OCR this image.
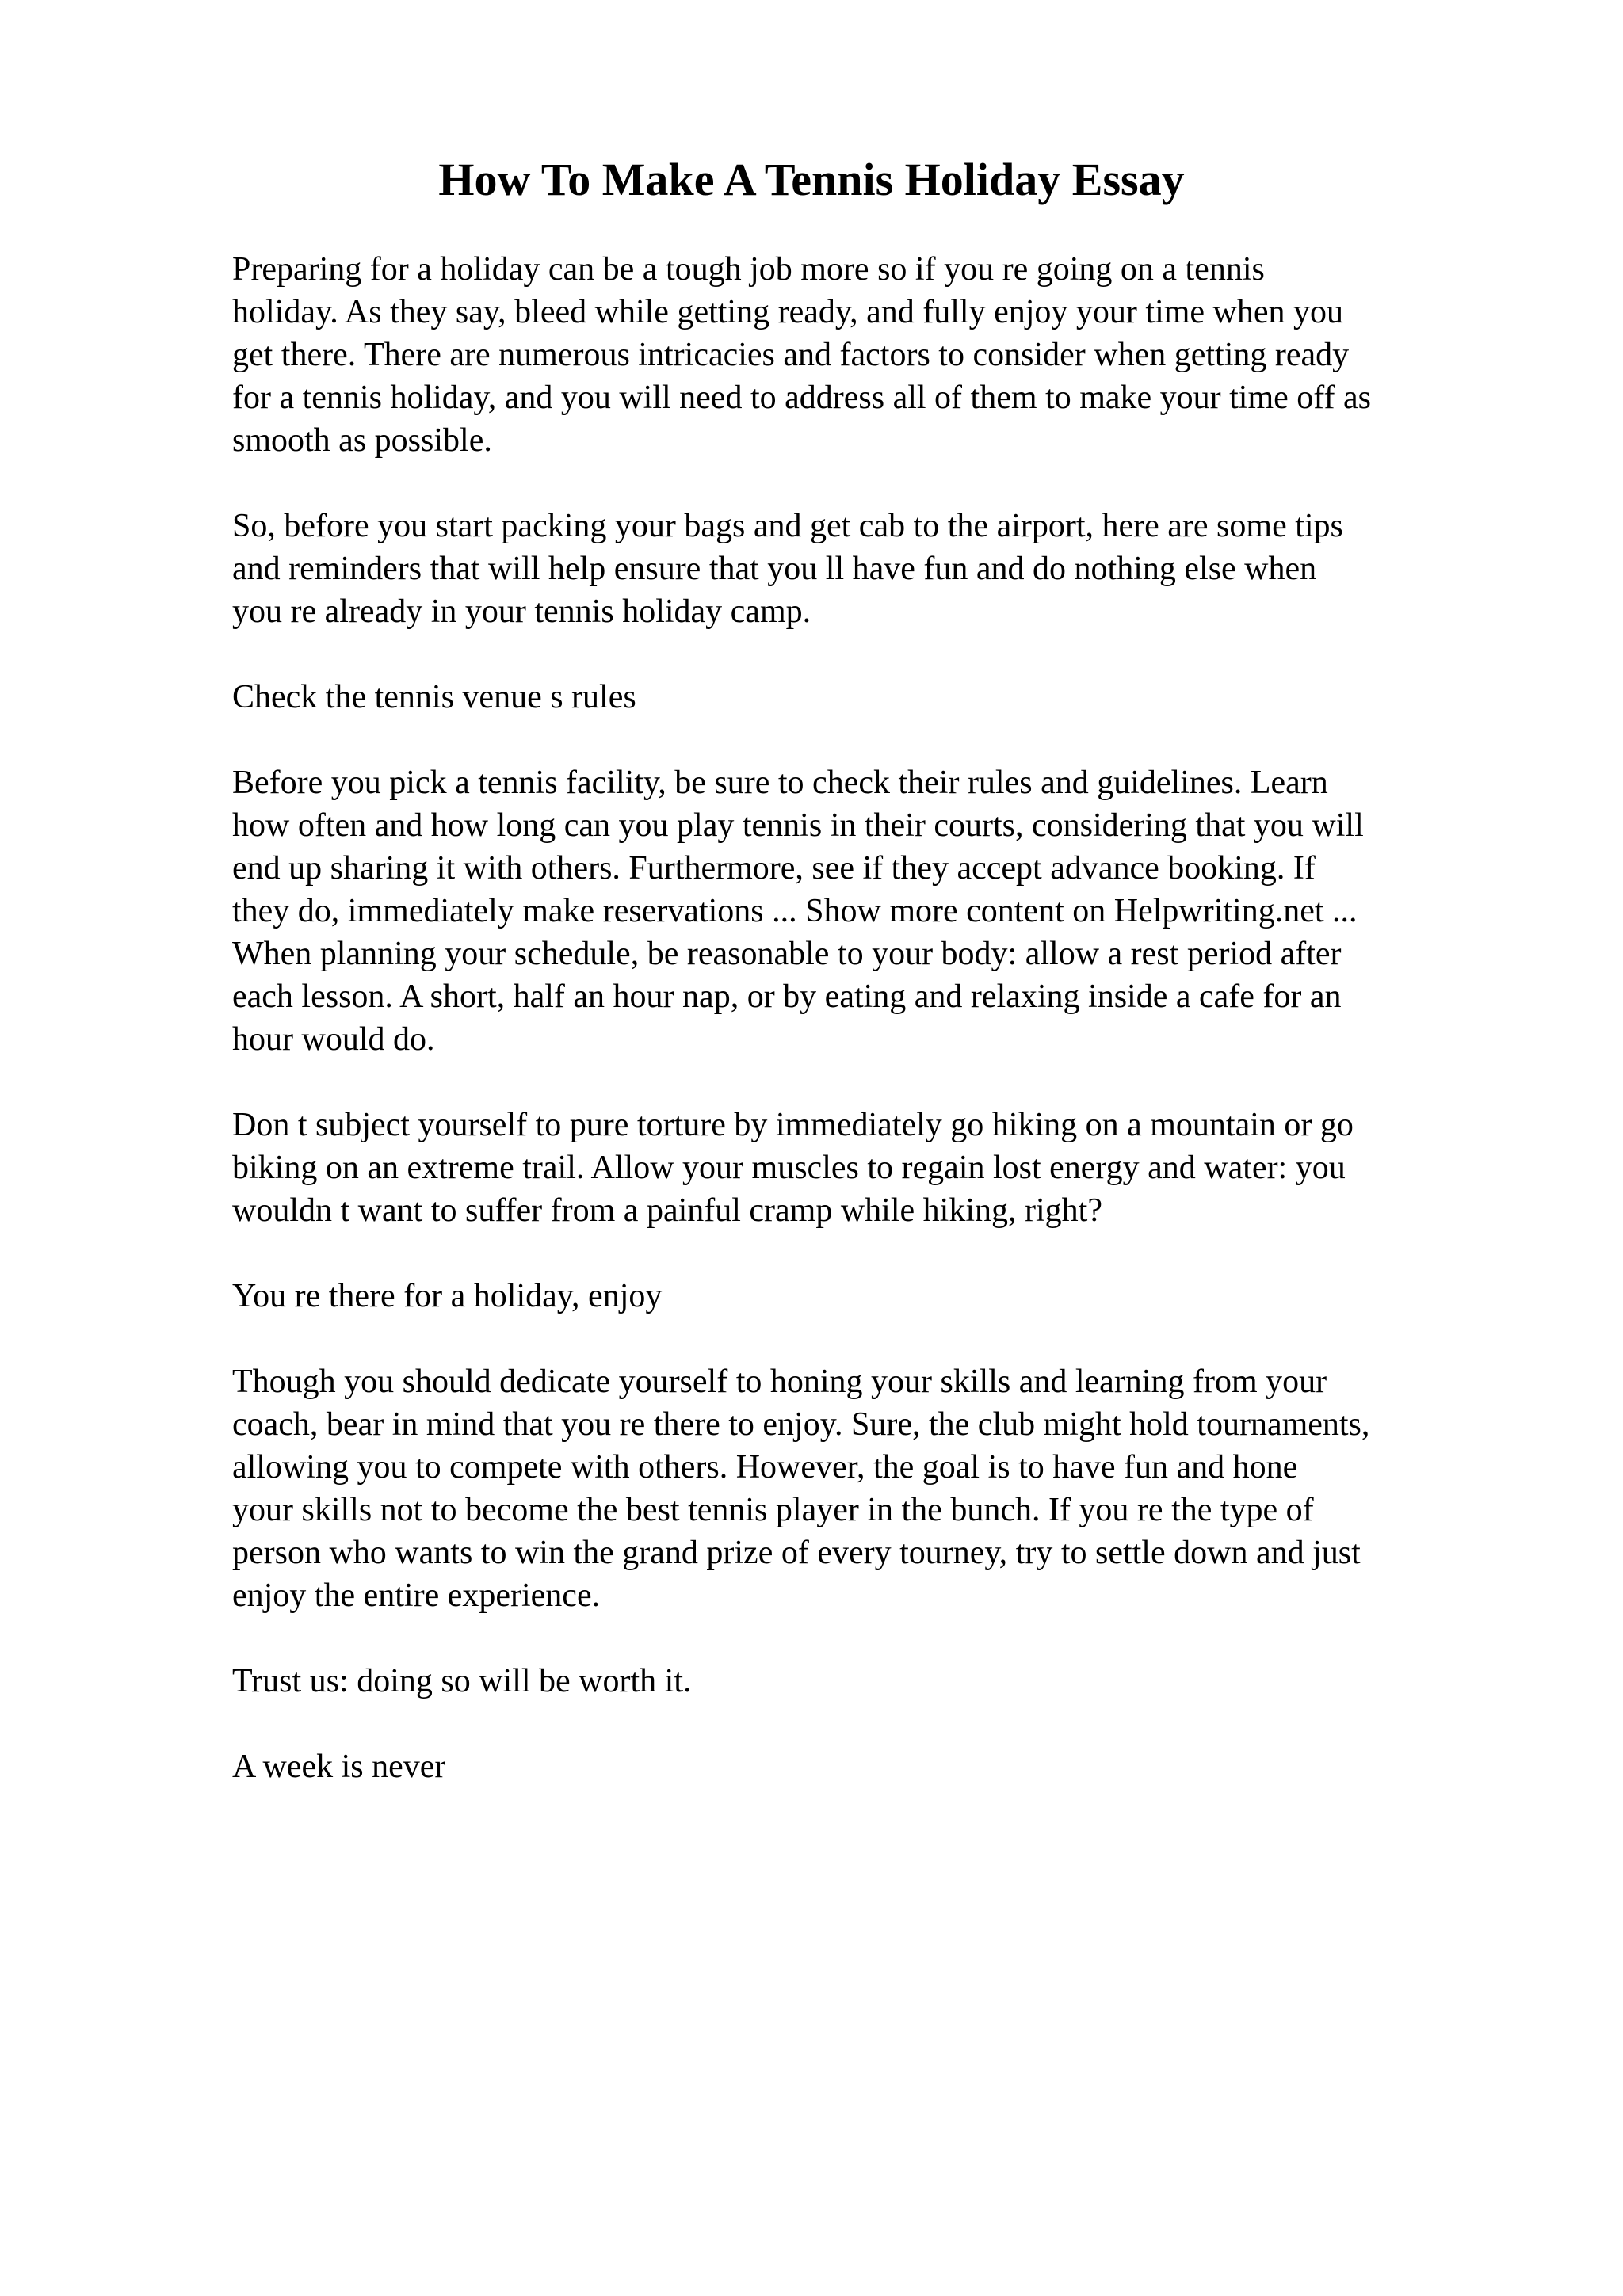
How To Make A Tennis Holiday Essay

Preparing for a holiday can be a tough job more so if you re going on a tennis

holiday. As they say, bleed while getting ready, and fully enjoy your time when you

get there. There are numerous intricacies and factors to consider when getting ready

for a tennis holiday, and you will need to address all of them to make your time off as

smooth as possible.

So, before you start packing your bags and get cab to the airport, here are some tips

and reminders that will help ensure that you ll have fun and do nothing else when

you re already in your tennis holiday camp.

Check the tennis venue s rules

Before you pick a tennis facility, be sure to check their rules and guidelines. Learn

how often and how long can you play tennis in their courts, considering that you will

end up sharing it with others. Furthermore, see if they accept advance booking. If

they do, immediately make reservations ... Show more content on Helpwriting.net ...

When planning your schedule, be reasonable to your body: allow a rest period after

each lesson. A short, half an hour nap, or by eating and relaxing inside a cafe for an

hour would do.

Don t subject yourself to pure torture by immediately go hiking on a mountain or go

biking on an extreme trail. Allow your muscles to regain lost energy and water: you

wouldn t want to suffer from a painful cramp while hiking, right?

You re there for a holiday, enjoy

Though you should dedicate yourself to honing your skills and learning from your

coach, bear in mind that you re there to enjoy. Sure, the club might hold tournaments,

allowing you to compete with others. However, the goal is to have fun and hone

your skills not to become the best tennis player in the bunch. If you re the type of

person who wants to win the grand prize of every tourney, try to settle down and just

enjoy the entire experience.

Trust us: doing so will be worth it.

A week is never
